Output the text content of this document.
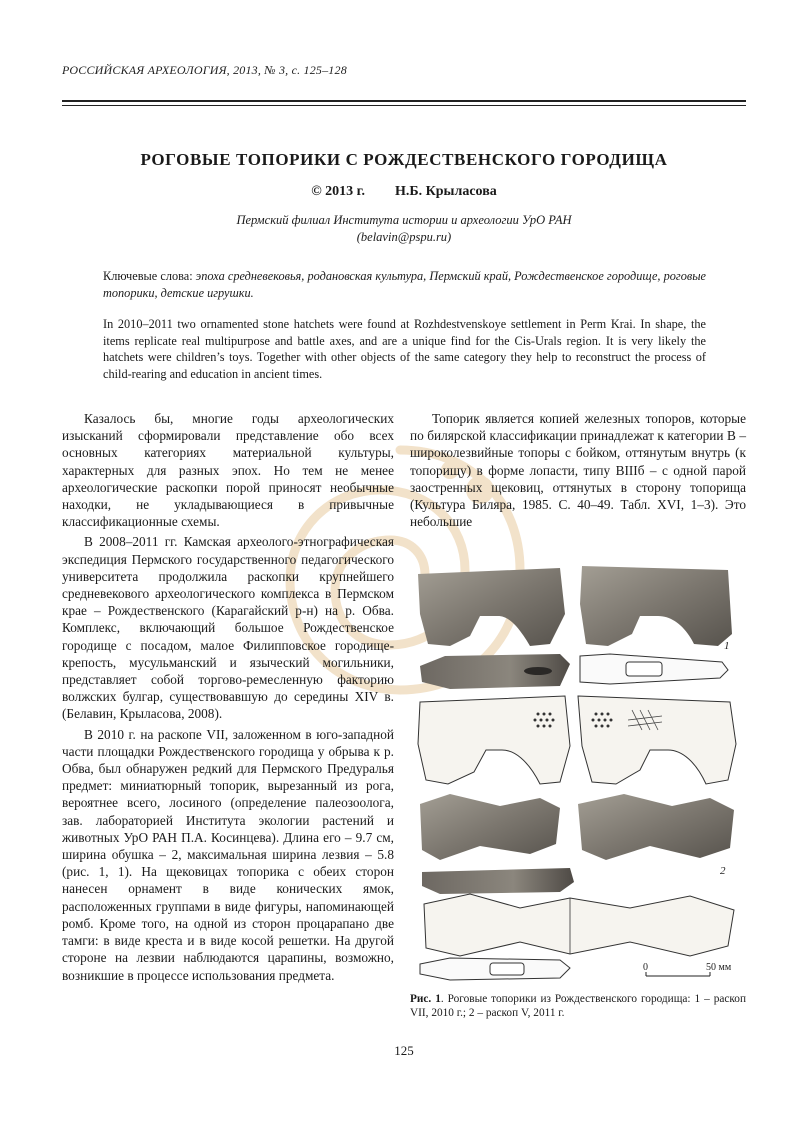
РОССИЙСКАЯ АРХЕОЛОГИЯ, 2013, № 3, с. 125–128
РОГОВЫЕ ТОПОРИКИ С РОЖДЕСТВЕНСКОГО ГОРОДИЩА
© 2013 г. Н.Б. Крыласова
Пермский филиал Института истории и археологии УрО РАН
(belavin@pspu.ru)
Ключевые слова: эпоха средневековья, родановская культура, Пермский край, Рождественское городище, роговые топорики, детские игрушки.
In 2010–2011 two ornamented stone hatchets were found at Rozhdestvenskoye settlement in Perm Krai. In shape, the items replicate real multipurpose and battle axes, and are a unique find for the Cis-Urals region. It is very likely the hatchets were children’s toys. Together with other objects of the same category they help to reconstruct the process of child-rearing and education in ancient times.

Казалось бы, многие годы археологических изысканий сформировали представление обо всех основных категориях материальной культуры, характерных для разных эпох. Но тем не менее археологические раскопки порой приносят необычные находки, не укладывающиеся в привычные классификационные схемы.

В 2008–2011 гг. Камская археолого-этнографическая экспедиция Пермского государственного педагогического университета продолжила раскопки крупнейшего средневекового археологического комплекса в Пермском крае – Рождественского (Карагайский р-н) на р. Обва. Комплекс, включающий большое Рождественское городище с посадом, малое Филипповское городище-крепость, мусульманский и языческий могильники, представляет собой торгово-ремесленную факторию волжских булгар, существовавшую до середины XIV в. (Белавин, Крыласова, 2008).

В 2010 г. на раскопе VII, заложенном в юго-западной части площадки Рождественского городища у обрыва к р. Обва, был обнаружен редкий для Пермского Предуралья предмет: миниатюрный топорик, вырезанный из рога, вероятнее всего, лосиного (определение палеозоолога, зав. лабораторией Института экологии растений и животных УрО РАН П.А. Косинцева). Длина его – 9.7 см, ширина обушка – 2, максимальная ширина лезвия – 5.8 (рис. 1, 1). На щековицах топорика с обеих сторон нанесен орнамент в виде конических ямок, расположенных группами в виде фигуры, напоминающей ромб. Кроме того, на одной из сторон процарапано две тамги: в виде креста и в виде косой решетки. На другой стороне на лезвии наблюдаются царапины, возможно, возникшие в процессе использования предмета.

Топорик является копией железных топоров, которые по билярской классификации принадлежат к категории В – широколезвийные топоры с бойком, оттянутым внутрь (к топорищу) в форме лопасти, типу ВIIIб – с одной парой заостренных щековиц, оттянутых в сторону топорища (Культура Биляра, 1985. С. 40–49. Табл. XVI, 1–3). Это небольшие

1
2
0	50 мм
Рис. 1. Роговые топорики из Рождественского городища: 1 – раскоп VII, 2010 г.; 2 – раскоп V, 2011 г.
125
